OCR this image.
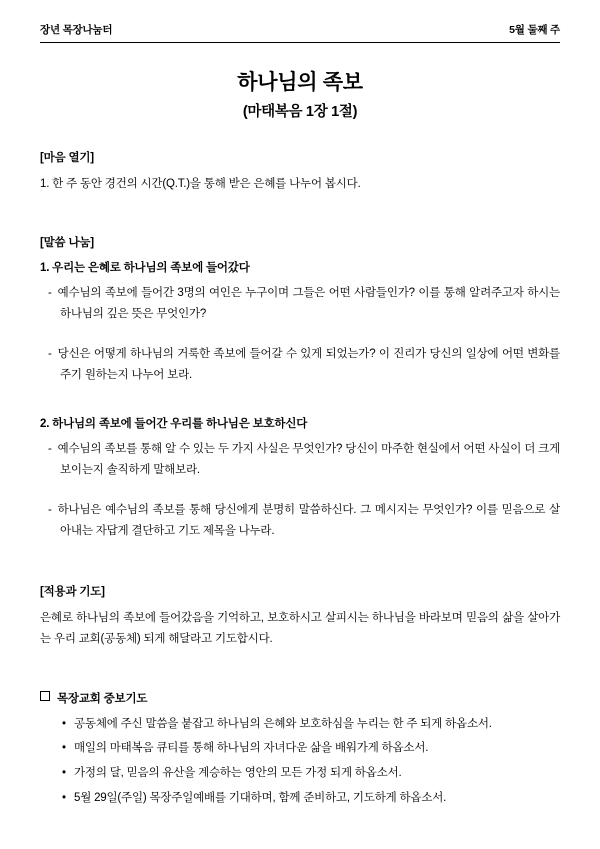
장년 목장나눔터	5월 둘째 주
하나님의 족보
(마태복음 1장 1절)
[마음 열기]

1. 한 주 동안 경건의 시간(Q.T.)을 통해 받은 은혜를 나누어 봅시다.

[말씀 나눔]

1. 우리는 은혜로 하나님의 족보에 들어갔다

- 예수님의 족보에 들어간 3명의 여인은 누구이며 그들은 어떤 사람들인가? 이를 통해 알려주고자 하시는 하나님의 깊은 뜻은 무엇인가?

- 당신은 어떻게 하나님의 거룩한 족보에 들어갈 수 있게 되었는가? 이 진리가 당신의 일상에 어떤 변화를 주기 원하는지 나누어 보라.

2. 하나님의 족보에 들어간 우리를 하나님은 보호하신다

- 예수님의 족보를 통해 알 수 있는 두 가지 사실은 무엇인가? 당신이 마주한 현실에서 어떤 사실이 더 크게 보이는지 솔직하게 말해보라.

- 하나님은 예수님의 족보를 통해 당신에게 분명히 말씀하신다. 그 메시지는 무엇인가? 이를 믿음으로 살아내는 자답게 결단하고 기도 제목을 나누라.

[적용과 기도]

은혜로 하나님의 족보에 들어갔음을 기억하고, 보호하시고 살피시는 하나님을 바라보며 믿음의 삶을 살아가는 우리 교회(공동체) 되게 해달라고 기도합시다.

목장교회 중보기도

• 공동체에 주신 말씀을 붙잡고 하나님의 은혜와 보호하심을 누리는 한 주 되게 하옵소서.
• 매일의 마태복음 큐티를 통해 하나님의 자녀다운 삶을 배워가게 하옵소서.
• 가정의 달, 믿음의 유산을 계승하는 영안의 모든 가정 되게 하옵소서.
• 5월 29일(주일) 목장주일예배를 기대하며, 함께 준비하고, 기도하게 하옵소서.
